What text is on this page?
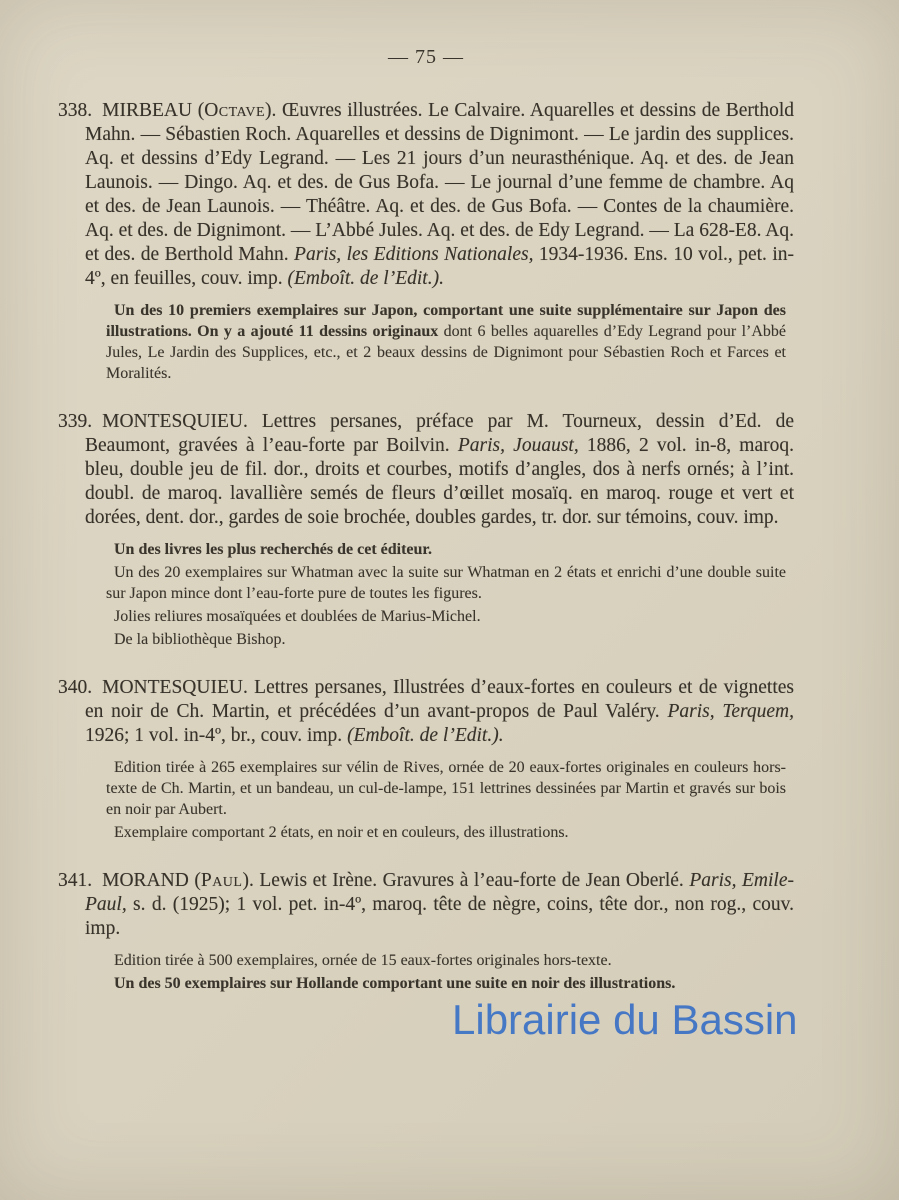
— 75 —

338. MIRBEAU (Octave). Œuvres illustrées. Le Calvaire. Aquarelles et dessins de Berthold Mahn. — Sébastien Roch. Aquarelles et dessins de Dignimont. — Le jardin des supplices. Aq. et dessins d’Edy Legrand. — Les 21 jours d’un neurasthénique. Aq. et des. de Jean Launois. — Dingo. Aq. et des. de Gus Bofa. — Le journal d’une femme de chambre. Aq et des. de Jean Launois. — Théâtre. Aq. et des. de Gus Bofa. — Contes de la chaumière. Aq. et des. de Dignimont. — L’Abbé Jules. Aq. et des. de Edy Legrand. — La 628-E8. Aq. et des. de Berthold Mahn. Paris, les Editions Nationales, 1934-1936. Ens. 10 vol., pet. in-4º, en feuilles, couv. imp. (Emboît. de l’Edit.).

Un des 10 premiers exemplaires sur Japon, comportant une suite supplémentaire sur Japon des illustrations. On y a ajouté 11 dessins originaux dont 6 belles aquarelles d’Edy Legrand pour l’Abbé Jules, Le Jardin des Supplices, etc., et 2 beaux dessins de Dignimont pour Sébastien Roch et Farces et Moralités.

339. MONTESQUIEU. Lettres persanes, préface par M. Tourneux, dessin d’Ed. de Beaumont, gravées à l’eau-forte par Boilvin. Paris, Jouaust, 1886, 2 vol. in-8, maroq. bleu, double jeu de fil. dor., droits et courbes, motifs d’angles, dos à nerfs ornés; à l’int. doubl. de maroq. lavallière semés de fleurs d’œillet mosaïq. en maroq. rouge et vert et dorées, dent. dor., gardes de soie brochée, doubles gardes, tr. dor. sur témoins, couv. imp.

Un des livres les plus recherchés de cet éditeur.

Un des 20 exemplaires sur Whatman avec la suite sur Whatman en 2 états et enrichi d’une double suite sur Japon mince dont l’eau-forte pure de toutes les figures.

Jolies reliures mosaïquées et doublées de Marius-Michel.

De la bibliothèque Bishop.

340. MONTESQUIEU. Lettres persanes, Illustrées d’eaux-fortes en couleurs et de vignettes en noir de Ch. Martin, et précédées d’un avant-propos de Paul Valéry. Paris, Terquem, 1926; 1 vol. in-4º, br., couv. imp. (Emboît. de l’Edit.).

Edition tirée à 265 exemplaires sur vélin de Rives, ornée de 20 eaux-fortes originales en couleurs hors-texte de Ch. Martin, et un bandeau, un cul-de-lampe, 151 lettrines dessinées par Martin et gravés sur bois en noir par Aubert.

Exemplaire comportant 2 états, en noir et en couleurs, des illustrations.

341. MORAND (Paul). Lewis et Irène. Gravures à l’eau-forte de Jean Oberlé. Paris, Emile-Paul, s. d. (1925); 1 vol. pet. in-4º, maroq. tête de nègre, coins, tête dor., non rog., couv. imp.

Edition tirée à 500 exemplaires, ornée de 15 eaux-fortes originales hors-texte.

Un des 50 exemplaires sur Hollande comportant une suite en noir des illustrations.

Librairie du Bassin
